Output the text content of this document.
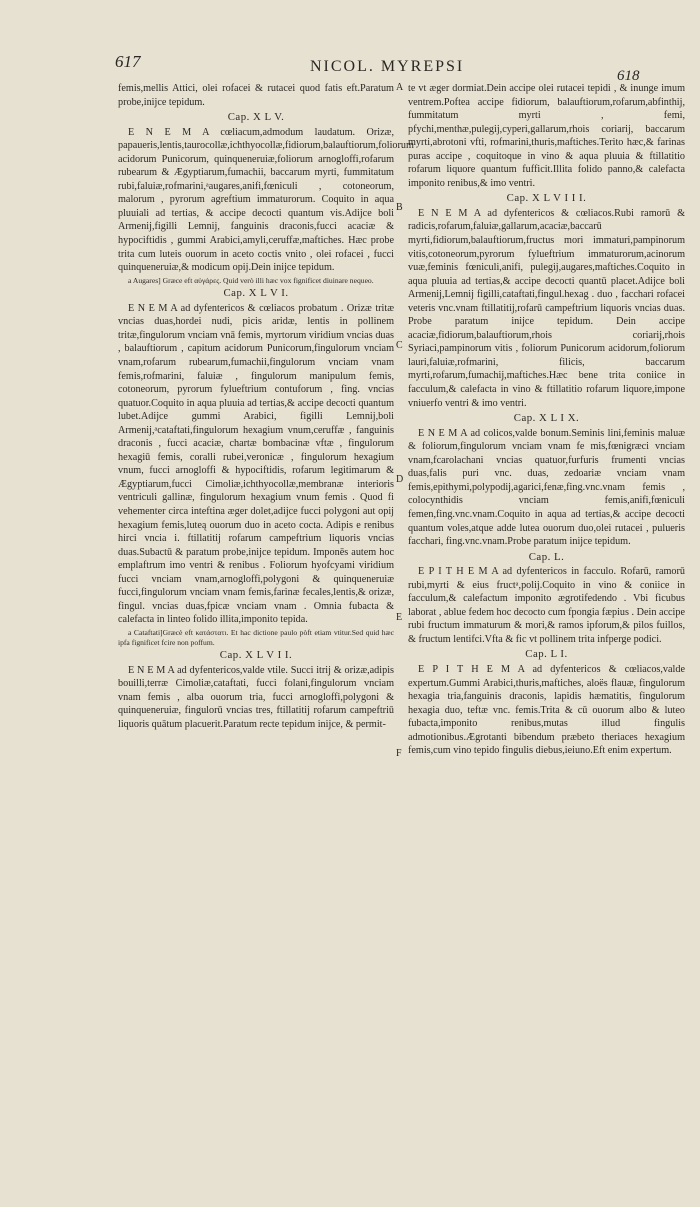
617	NICOL. MYREPSI
618
A
B
C
D
E
F

femis,mellis Attici, olei rofacei & rutacei quod fatis eft.Paratum probe,inijce tepidum.

Cap. X L V.

E N E M A cœliacum,admodum laudatum. Orizæ, papaueris,lentis,taurocollæ,ichthyocollæ,fidiorum,balauftiorum,foliorum acidorum Punicorum, quinqueneruiæ,foliorum arnogloffi,rofarum rubearum & Ægyptiarum,fumachii, baccarum myrti, fummitatum rubi,faluiæ,rofmarini,ᵃaugares,anifi,fœniculi , cotoneorum, malorum , pyrorum agreftium immaturorum. Coquito in aqua pluuiali ad tertias, & accipe decocti quantum vis.Adijce boli Armenij,figilli Lemnij, fanguinis draconis,fucci acaciæ & hypociftidis , gummi Arabici,amyli,ceruffæ,maftiches. Hæc probe trita cum luteis ouorum in aceto coctis vnito , olei rofacei , fucci quinqueneruiæ,& modicum opij.Dein inijce tepidum.

a Augares] Græce eft αὐγάρες. Quid verò illi hæc vox fignificet diuinare nequeo.

Cap. X L V I.

E N E M A ad dyfentericos & cœliacos probatum . Orizæ tritæ vncias duas,hordei nudi, picis aridæ, lentis in pollinem tritæ,fingulorum vnciam vnā femis, myrtorum viridium vncias duas , balauftiorum , capitum acidorum Punicorum,fingulorum vnciam vnam,rofarum rubearum,fumachii,fingulorum vnciam vnam femis,rofmarini, faluiæ , fingulorum manipulum femis, cotoneorum, pyrorum fylueftrium contuforum , fing. vncias quatuor.Coquito in aqua pluuia ad tertias,& accipe decocti quantum lubet.Adijce gummi Arabici, figilli Lemnij,boli Armenij,ᵃcataftati,fingulorum hexagium vnum,ceruffæ , fanguinis draconis , fucci acaciæ, chartæ bombacinæ vftæ , fingulorum hexagiū femis, coralli rubei,veronicæ , fingulorum hexagium vnum, fucci arnogloffi & hypociftidis, rofarum legitimarum & Ægyptiarum,fucci Cimoliæ,ichthyocollæ,membranæ interioris ventriculi gallinæ, fingulorum hexagium vnum femis . Quod fi vehementer circa inteftina æger dolet,adijce fucci polygoni aut opij hexagium femis,luteą ouorum duo in aceto cocta. Adipis e renibus hirci vncia i. ftillatitij rofarum campeftrium liquoris vncias duas.Subactū & paratum probe,inijce tepidum. Imponēs autem hoc emplaftrum imo ventri & renibus . Foliorum hyofcyami viridium fucci vnciam vnam,arnogloffi,polygoni & quinqueneruiæ fucci,fingulorum vnciam vnam femis,farinæ fecales,lentis,& orizæ, fingul. vncias duas,fpicæ vnciam vnam . Omnia fubacta & calefacta in linteo folido illita,imponito tepida.

a Cataftati]Græcè eft κατάστατι. Et hac dictione paulo pòft etiam vtitur.Sed quid hæc ipfa fignificet fcire non poffum.

Cap. X L V I I.

E N E M A ad dyfentericos,valde vtile. Succi itrij & orizæ,adipis bouilli,terræ Cimoliæ,cataftati, fucci folani,fingulorum vnciam vnam femis , alba ouorum tria, fucci arnogloffi,polygoni & quinqueneruiæ, fingulorū vncias tres, ftillatitij rofarum campeftriū liquoris quātum placuerit.Paratum recte tepidum inijce, & permit-

te vt æger dormiat.Dein accipe olei rutacei tepidi , & inunge imum ventrem.Poftea accipe fidiorum, balauftiorum,rofarum,abfinthij, fummitatum myrti , femi, pfychi,menthæ,pulegij,cyperi,gallarum,rhois coriarij, baccarum myrti,abrotoni vfti, rofmarini,thuris,maftiches.Terito hæc,& farinas puras accipe , coquitoque in vino & aqua pluuia & ftillatitio rofarum liquore quantum fufficit.Illita folido panno,& calefacta imponito renibus,& imo ventri.

Cap. X L V I I I.

E N E M A ad dyfentericos & cœliacos.Rubi ramorū & radicis,rofarum,faluiæ,gallarum,acaciæ,baccarū myrti,fidiorum,balauftiorum,fructus mori immaturi,pampinorum vitis,cotoneorum,pyrorum fylueftrium immaturorum,acinorum vuæ,feminis fœniculi,anifi, pulegij,augares,maftiches.Coquito in aqua pluuia ad tertias,& accipe decocti quantū placet.Adijce boli Armenij,Lemnij figilli,cataftati,fingul.hexag . duo , facchari rofacei veteris vnc.vnam ftillatitij,rofarū campeftrium liquoris vncias duas. Probe paratum inijce tepidum. Dein accipe acaciæ,fidiorum,balauftiorum,rhois coriarij,rhois Syriaci,pampinorum vitis , foliorum Punicorum acidorum,foliorum lauri,faluiæ,rofmarini, filicis, baccarum myrti,rofarum,fumachij,maftiches.Hæc bene trita coniice in facculum,& calefacta in vino & ftillatitio rofarum liquore,impone vniuerfo ventri & imo ventri.

Cap. X L I X.

E N E M A ad colicos,valde bonum.Seminis lini,feminis maluæ & foliorum,fingulorum vnciam vnam fe mis,fœnigræci vnciam vnam,fcarolachani vncias quatuor,furfuris frumenti vncias duas,falis puri vnc. duas, zedoariæ vnciam vnam femis,epithymi,polypodij,agarici,fenæ,fing.vnc.vnam femis , colocynthidis vnciam femis,anifi,fœniculi femen,fing.vnc.vnam.Coquito in aqua ad tertias,& accipe decocti quantum voles,atque adde lutea ouorum duo,olei rutacei , pulueris facchari, fing.vnc.vnam.Probe paratum inijce tepidum.

Cap. L.

E P I T H E M A ad dyfentericos in facculo. Rofarū, ramorū rubi,myrti & eius fructᵃ,polij.Coquito in vino & coniice in facculum,& calefactum imponito ægrotifedendo . Vbi ficubus laborat , ablue fedem hoc decocto cum fpongia fæpius . Dein accipe rubi fructum immaturum & mori,& ramos ipforum,& pilos fuillos, & fructum lentifci.Vfta & fic vt pollinem trita infperge podici.

Cap. L I.

E P I T H E M A ad dyfentericos & cœliacos,valde expertum.Gummi Arabici,thuris,maftiches, aloës flauæ, fingulorum hexagia tria,fanguinis draconis, lapidis hæmatitis, fingulorum hexagia duo, teftæ vnc. femis.Trita & cū ouorum albo & luteo fubacta,imponito renibus,mutas illud fingulis admotionibus.Ægrotanti bibendum præbeto theriaces hexagium femis,cum vino tepido fingulis diebus,ieiuno.Eft enim expertum.
